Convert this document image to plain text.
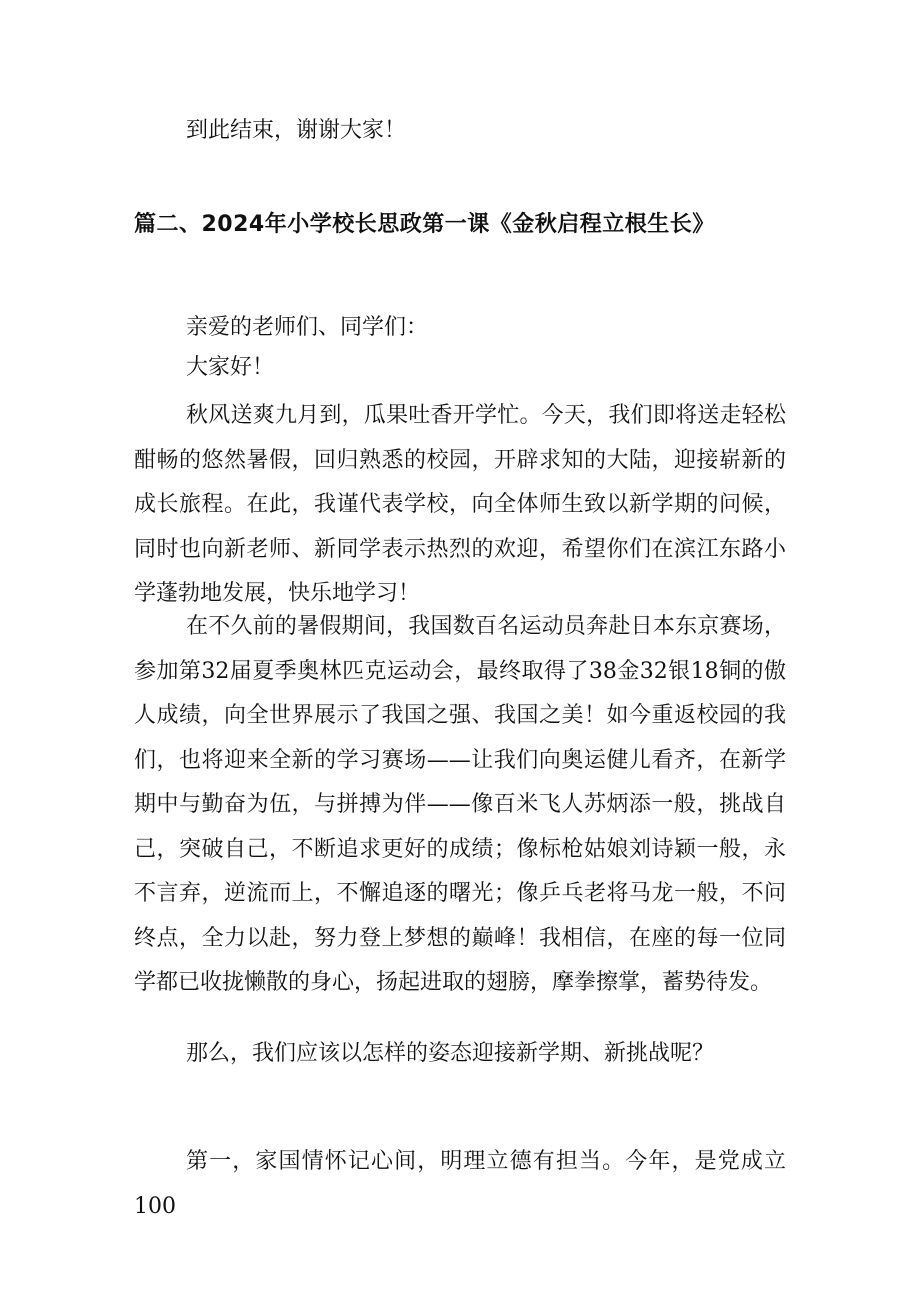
到此结束，谢谢大家！
篇二、2024年小学校长思政第一课《金秋启程立根生长》
亲爱的老师们、同学们：
大家好！
秋风送爽九月到，瓜果吐香开学忙。今天，我们即将送走轻松酣畅的悠然暑假，回归熟悉的校园，开辟求知的大陆，迎接崭新的成长旅程。在此，我谨代表学校，向全体师生致以新学期的问候，同时也向新老师、新同学表示热烈的欢迎，希望你们在滨江东路小学蓬勃地发展，快乐地学习！
在不久前的暑假期间，我国数百名运动员奔赴日本东京赛场，参加第32届夏季奥林匹克运动会，最终取得了38金32银18铜的傲人成绩，向全世界展示了我国之强、我国之美！如今重返校园的我们，也将迎来全新的学习赛场——让我们向奥运健儿看齐，在新学期中与勤奋为伍，与拼搏为伴——像百米飞人苏炳添一般，挑战自己，突破自己，不断追求更好的成绩；像标枪姑娘刘诗颖一般，永不言弃，逆流而上，不懈追逐的曙光；像乒乓老将马龙一般，不问终点，全力以赴，努力登上梦想的巅峰！我相信，在座的每一位同学都已收拢懒散的身心，扬起进取的翅膀，摩拳擦掌，蓄势待发。
那么，我们应该以怎样的姿态迎接新学期、新挑战呢？
第一，家国情怀记心间，明理立德有担当。今年，是党成立100
